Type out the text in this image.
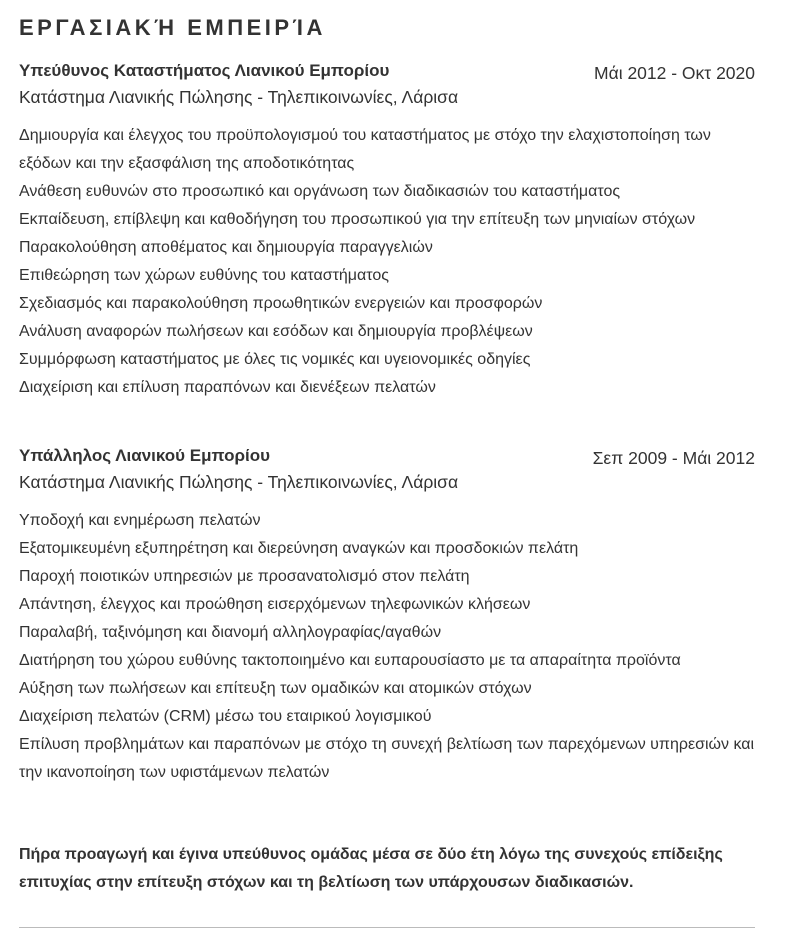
ΕΡΓΑΣΙΑΚΉ ΕΜΠΕΙΡΊΑ
Υπεύθυνος Καταστήματος Λιανικού Εμπορίου	Μάι 2012 - Οκτ 2020
Κατάστημα Λιανικής Πώλησης - Τηλεπικοινωνίες, Λάρισα
Δημιουργία και έλεγχος του προϋπολογισμού του καταστήματος με στόχο την ελαχιστοποίηση των εξόδων και την εξασφάλιση της αποδοτικότητας
Ανάθεση ευθυνών στο προσωπικό και οργάνωση των διαδικασιών του καταστήματος
Εκπαίδευση, επίβλεψη και καθοδήγηση του προσωπικού για την επίτευξη των μηνιαίων στόχων
Παρακολούθηση αποθέματος και δημιουργία παραγγελιών
Επιθεώρηση των χώρων ευθύνης του καταστήματος
Σχεδιασμός και παρακολούθηση προωθητικών ενεργειών και προσφορών
Ανάλυση αναφορών πωλήσεων και εσόδων και δημιουργία προβλέψεων
Συμμόρφωση καταστήματος με όλες τις νομικές και υγειονομικές οδηγίες
Διαχείριση και επίλυση παραπόνων και διενέξεων πελατών
Υπάλληλος Λιανικού Εμπορίου	Σεπ 2009 - Μάι 2012
Κατάστημα Λιανικής Πώλησης - Τηλεπικοινωνίες, Λάρισα
Υποδοχή και ενημέρωση πελατών
Εξατομικευμένη εξυπηρέτηση και διερεύνηση αναγκών και προσδοκιών πελάτη
Παροχή ποιοτικών υπηρεσιών με προσανατολισμό στον πελάτη
Απάντηση, έλεγχος και προώθηση εισερχόμενων τηλεφωνικών κλήσεων
Παραλαβή, ταξινόμηση και διανομή αλληλογραφίας/αγαθών
Διατήρηση του χώρου ευθύνης τακτοποιημένο και ευπαρουσίαστο με τα απαραίτητα προϊόντα
Αύξηση των πωλήσεων και επίτευξη των ομαδικών και ατομικών στόχων
Διαχείριση πελατών (CRM) μέσω του εταιρικού λογισμικού
Επίλυση προβλημάτων και παραπόνων με στόχο τη συνεχή βελτίωση των παρεχόμενων υπηρεσιών και την ικανοποίηση των υφιστάμενων πελατών

Πήρα προαγωγή και έγινα υπεύθυνος ομάδας μέσα σε δύο έτη λόγω της συνεχούς επίδειξης επιτυχίας στην επίτευξη στόχων και τη βελτίωση των υπάρχουσων διαδικασιών.
